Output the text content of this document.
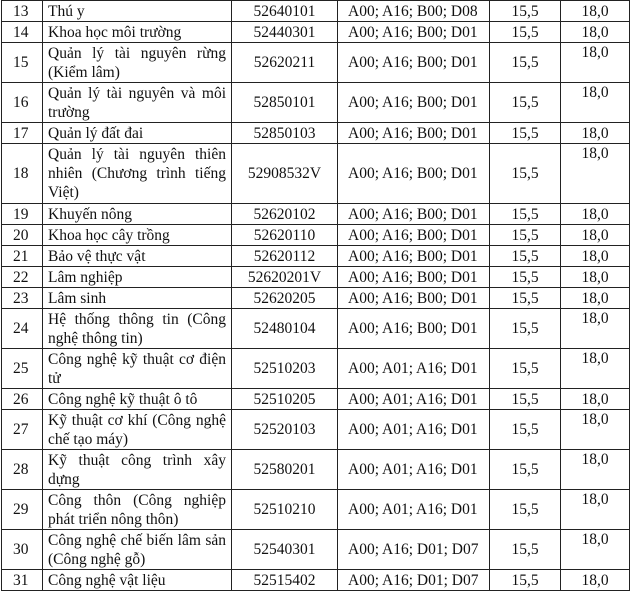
13	Thú y	52640101	A00; A16; B00; D08	15,5	18,0
14	Khoa học môi trường	52440301	A00; A16; B00; D01	15,5	18,0
15	Quản lý tài nguyên rừng (Kiểm lâm)	52620211	A00; A16; B00; D01	15,5	18,0
16	Quản lý tài nguyên và môi trường	52850101	A00; A16; B00; D01	15,5	18,0
17	Quản lý đất đai	52850103	A00; A16; B00; D01	15,5	18,0
18	Quản lý tài nguyên thiên nhiên (Chương trình tiếng Việt)	52908532V	A00; A16; B00; D01	15,5	18,0
19	Khuyến nông	52620102	A00; A16; B00; D01	15,5	18,0
20	Khoa học cây trồng	52620110	A00; A16; B00; D01	15,5	18,0
21	Bảo vệ thực vật	52620112	A00; A16; B00; D01	15,5	18,0
22	Lâm nghiệp	52620201V	A00; A16; B00; D01	15,5	18,0
23	Lâm sinh	52620205	A00; A16; B00; D01	15,5	18,0
24	Hệ thống thông tin (Công nghệ thông tin)	52480104	A00; A16; B00; D01	15,5	18,0
25	Công nghệ kỹ thuật cơ điện tử	52510203	A00; A01; A16; D01	15,5	18,0
26	Công nghệ kỹ thuật ô tô	52510205	A00; A01; A16; D01	15,5	18,0
27	Kỹ thuật cơ khí (Công nghệ chế tạo máy)	52520103	A00; A01; A16; D01	15,5	18,0
28	Kỹ thuật công trình xây dựng	52580201	A00; A01; A16; D01	15,5	18,0
29	Công thôn (Công nghiệp phát triển nông thôn)	52510210	A00; A01; A16; D01	15,5	18,0
30	Công nghệ chế biến lâm sản (Công nghệ gỗ)	52540301	A00; A16; D01; D07	15,5	18,0
31	Công nghệ vật liệu	52515402	A00; A16; D01; D07	15,5	18,0
